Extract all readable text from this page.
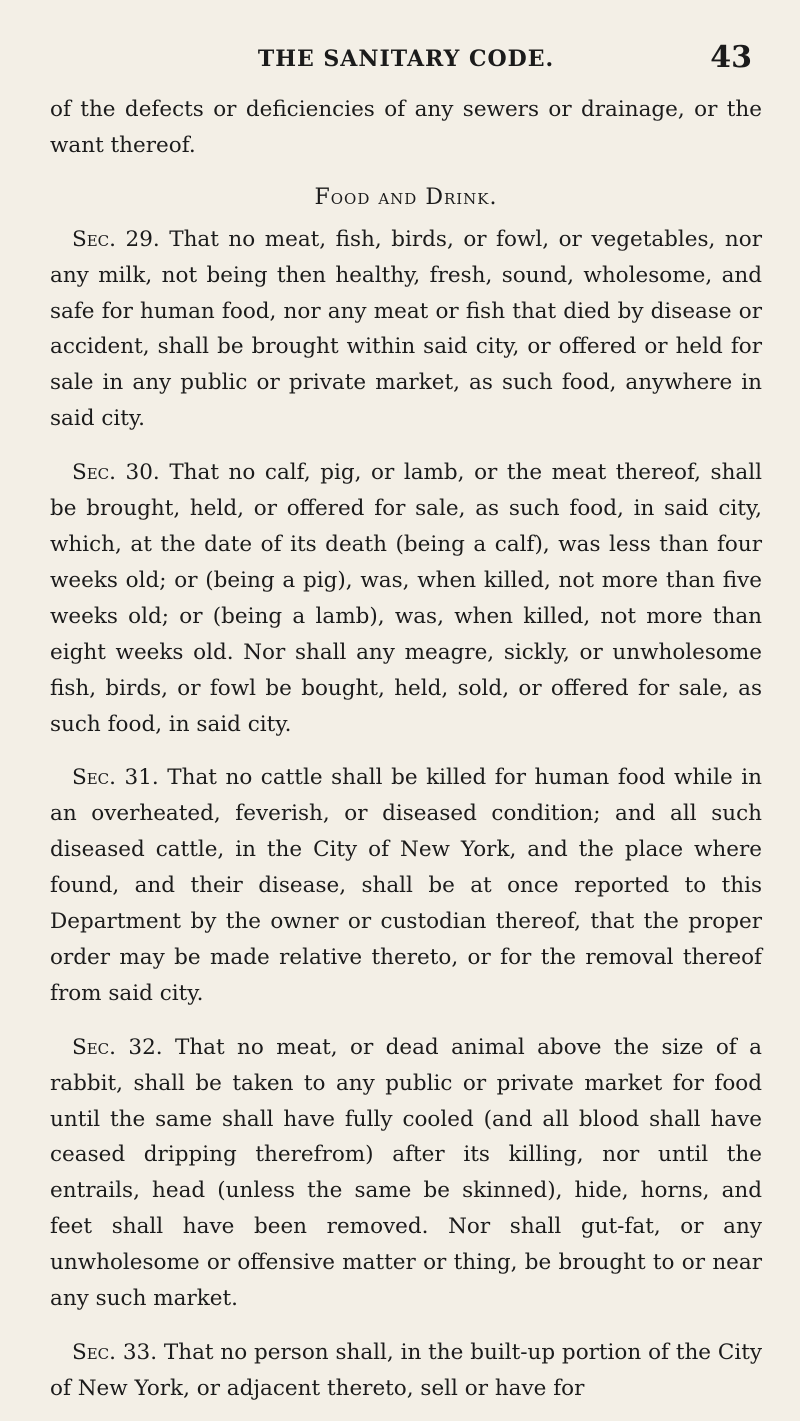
THE SANITARY CODE.	43

of the defects or deficiencies of any sewers or drainage, or the want thereof.

Food and Drink.

Sec. 29. That no meat, fish, birds, or fowl, or vegetables, nor any milk, not being then healthy, fresh, sound, wholesome, and safe for human food, nor any meat or fish that died by disease or accident, shall be brought within said city, or offered or held for sale in any public or private market, as such food, anywhere in said city.

Sec. 30. That no calf, pig, or lamb, or the meat thereof, shall be brought, held, or offered for sale, as such food, in said city, which, at the date of its death (being a calf), was less than four weeks old; or (being a pig), was, when killed, not more than five weeks old; or (being a lamb), was, when killed, not more than eight weeks old. Nor shall any meagre, sickly, or unwholesome fish, birds, or fowl be bought, held, sold, or offered for sale, as such food, in said city.

Sec. 31. That no cattle shall be killed for human food while in an overheated, feverish, or diseased condition; and all such diseased cattle, in the City of New York, and the place where found, and their disease, shall be at once reported to this Department by the owner or custodian thereof, that the proper order may be made relative thereto, or for the removal thereof from said city.

Sec. 32. That no meat, or dead animal above the size of a rabbit, shall be taken to any public or private market for food until the same shall have fully cooled (and all blood shall have ceased dripping therefrom) after its killing, nor until the entrails, head (unless the same be skinned), hide, horns, and feet shall have been removed. Nor shall gut-fat, or any unwholesome or offensive matter or thing, be brought to or near any such market.

Sec. 33. That no person shall, in the built-up portion of the City of New York, or adjacent thereto, sell or have for
